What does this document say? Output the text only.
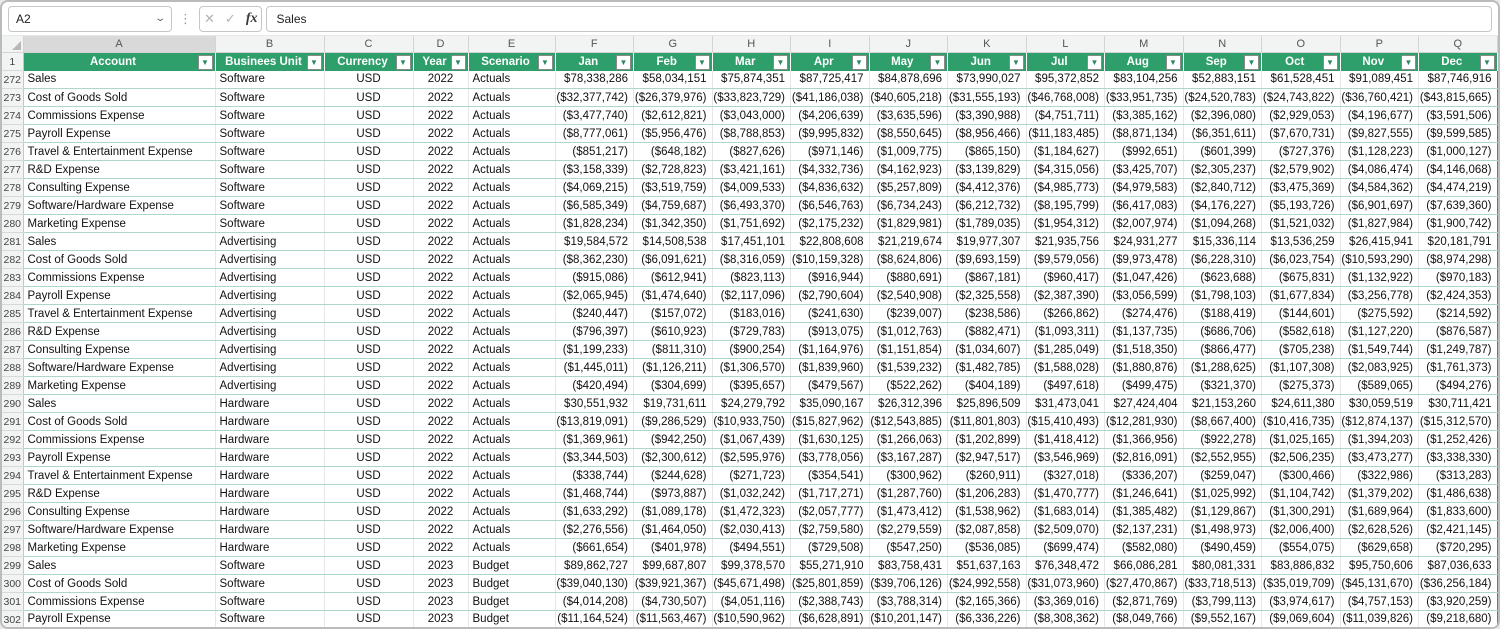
A2	⌄ ⋮ ✕ ✓ fx	Sales
	A	B	C	D	E	F	G	H	I	J	K	L	M	N	O	P	Q
1	Account ▼	Businees Unit ▼	Currency ▼	Year ▼	Scenario ▼	Jan ▼	Feb ▼	Mar ▼	Apr ▼	May ▼	Jun ▼	Jul ▼	Aug ▼	Sep ▼	Oct ▼	Nov ▼	Dec ▼

272	Sales	Software	USD	2022	Actuals	$78,338,286	$58,034,151	$75,874,351	$87,725,417	$84,878,696	$73,990,027	$95,372,852	$83,104,256	$52,883,151	$61,528,451	$91,089,451	$87,746,916
273	Cost of Goods Sold	Software	USD	2022	Actuals	($32,377,742)	($26,379,976)	($33,823,729)	($41,186,038)	($40,605,218)	($31,555,193)	($46,768,008)	($33,951,735)	($24,520,783)	($24,743,822)	($36,760,421)	($43,815,665)
274	Commissions Expense	Software	USD	2022	Actuals	($3,477,740)	($2,612,821)	($3,043,000)	($4,206,639)	($3,635,596)	($3,390,988)	($4,751,711)	($3,385,162)	($2,396,080)	($2,929,053)	($4,196,677)	($3,591,506)
275	Payroll Expense	Software	USD	2022	Actuals	($8,777,061)	($5,956,476)	($8,788,853)	($9,995,832)	($8,550,645)	($8,956,466)	($11,183,485)	($8,871,134)	($6,351,611)	($7,670,731)	($9,827,555)	($9,599,585)
276	Travel & Entertainment Expense	Software	USD	2022	Actuals	($851,217)	($648,182)	($827,626)	($971,146)	($1,009,775)	($865,150)	($1,184,627)	($992,651)	($601,399)	($727,376)	($1,128,223)	($1,000,127)
277	R&D Expense	Software	USD	2022	Actuals	($3,158,339)	($2,728,823)	($3,421,161)	($4,332,736)	($4,162,923)	($3,139,829)	($4,315,056)	($3,425,707)	($2,305,237)	($2,579,902)	($4,086,474)	($4,146,068)
278	Consulting Expense	Software	USD	2022	Actuals	($4,069,215)	($3,519,759)	($4,009,533)	($4,836,632)	($5,257,809)	($4,412,376)	($4,985,773)	($4,979,583)	($2,840,712)	($3,475,369)	($4,584,362)	($4,474,219)
279	Software/Hardware Expense	Software	USD	2022	Actuals	($6,585,349)	($4,759,687)	($6,493,370)	($6,546,763)	($6,734,243)	($6,212,732)	($8,195,799)	($6,417,083)	($4,176,227)	($5,193,726)	($6,901,697)	($7,639,360)
280	Marketing Expense	Software	USD	2022	Actuals	($1,828,234)	($1,342,350)	($1,751,692)	($2,175,232)	($1,829,981)	($1,789,035)	($1,954,312)	($2,007,974)	($1,094,268)	($1,521,032)	($1,827,984)	($1,900,742)
281	Sales	Advertising	USD	2022	Actuals	$19,584,572	$14,508,538	$17,451,101	$22,808,608	$21,219,674	$19,977,307	$21,935,756	$24,931,277	$15,336,114	$13,536,259	$26,415,941	$20,181,791
282	Cost of Goods Sold	Advertising	USD	2022	Actuals	($8,362,230)	($6,091,621)	($8,316,059)	($10,159,328)	($8,624,806)	($9,693,159)	($9,579,056)	($9,973,478)	($6,228,310)	($6,023,754)	($10,593,290)	($8,974,298)
283	Commissions Expense	Advertising	USD	2022	Actuals	($915,086)	($612,941)	($823,113)	($916,944)	($880,691)	($867,181)	($960,417)	($1,047,426)	($623,688)	($675,831)	($1,132,922)	($970,183)
284	Payroll Expense	Advertising	USD	2022	Actuals	($2,065,945)	($1,474,640)	($2,117,096)	($2,790,604)	($2,540,908)	($2,325,558)	($2,387,390)	($3,056,599)	($1,798,103)	($1,677,834)	($3,256,778)	($2,424,353)
285	Travel & Entertainment Expense	Advertising	USD	2022	Actuals	($240,447)	($157,072)	($183,016)	($241,630)	($239,007)	($238,586)	($266,862)	($274,476)	($188,419)	($144,601)	($275,592)	($214,592)
286	R&D Expense	Advertising	USD	2022	Actuals	($796,397)	($610,923)	($729,783)	($913,075)	($1,012,763)	($882,471)	($1,093,311)	($1,137,735)	($686,706)	($582,618)	($1,127,220)	($876,587)
287	Consulting Expense	Advertising	USD	2022	Actuals	($1,199,233)	($811,310)	($900,254)	($1,164,976)	($1,151,854)	($1,034,607)	($1,285,049)	($1,518,350)	($866,477)	($705,238)	($1,549,744)	($1,249,787)
288	Software/Hardware Expense	Advertising	USD	2022	Actuals	($1,445,011)	($1,126,211)	($1,306,570)	($1,839,960)	($1,539,232)	($1,482,785)	($1,588,028)	($1,880,876)	($1,288,625)	($1,107,308)	($2,083,925)	($1,761,373)
289	Marketing Expense	Advertising	USD	2022	Actuals	($420,494)	($304,699)	($395,657)	($479,567)	($522,262)	($404,189)	($497,618)	($499,475)	($321,370)	($275,373)	($589,065)	($494,276)
290	Sales	Hardware	USD	2022	Actuals	$30,551,932	$19,731,611	$24,279,792	$35,090,167	$26,312,396	$25,896,509	$31,473,041	$27,424,404	$21,153,260	$24,611,380	$30,059,519	$30,711,421
291	Cost of Goods Sold	Hardware	USD	2022	Actuals	($13,819,091)	($9,286,529)	($10,933,750)	($15,827,962)	($12,543,885)	($11,801,803)	($15,410,493)	($12,281,930)	($8,667,400)	($10,416,735)	($12,874,137)	($15,312,570)
292	Commissions Expense	Hardware	USD	2022	Actuals	($1,369,961)	($942,250)	($1,067,439)	($1,630,125)	($1,266,063)	($1,202,899)	($1,418,412)	($1,366,956)	($922,278)	($1,025,165)	($1,394,203)	($1,252,426)
293	Payroll Expense	Hardware	USD	2022	Actuals	($3,344,503)	($2,300,612)	($2,595,976)	($3,778,056)	($3,167,287)	($2,947,517)	($3,546,969)	($2,816,091)	($2,552,955)	($2,506,235)	($3,473,277)	($3,338,330)
294	Travel & Entertainment Expense	Hardware	USD	2022	Actuals	($338,744)	($244,628)	($271,723)	($354,541)	($300,962)	($260,911)	($327,018)	($336,207)	($259,047)	($300,466)	($322,986)	($313,283)
295	R&D Expense	Hardware	USD	2022	Actuals	($1,468,744)	($973,887)	($1,032,242)	($1,717,271)	($1,287,760)	($1,206,283)	($1,470,777)	($1,246,641)	($1,025,992)	($1,104,742)	($1,379,202)	($1,486,638)
296	Consulting Expense	Hardware	USD	2022	Actuals	($1,633,292)	($1,089,178)	($1,472,323)	($2,057,777)	($1,473,412)	($1,538,962)	($1,683,014)	($1,385,482)	($1,129,867)	($1,300,291)	($1,689,964)	($1,833,600)
297	Software/Hardware Expense	Hardware	USD	2022	Actuals	($2,276,556)	($1,464,050)	($2,030,413)	($2,759,580)	($2,279,559)	($2,087,858)	($2,509,070)	($2,137,231)	($1,498,973)	($2,006,400)	($2,628,526)	($2,421,145)
298	Marketing Expense	Hardware	USD	2022	Actuals	($661,654)	($401,978)	($494,551)	($729,508)	($547,250)	($536,085)	($699,474)	($582,080)	($490,459)	($554,075)	($629,658)	($720,295)
299	Sales	Software	USD	2023	Budget	$89,862,727	$99,687,807	$99,378,570	$55,271,910	$83,758,431	$51,637,163	$76,348,472	$66,086,281	$80,081,331	$83,886,832	$95,750,606	$87,036,633
300	Cost of Goods Sold	Software	USD	2023	Budget	($39,040,130)	($39,921,367)	($45,671,498)	($25,801,859)	($39,706,126)	($24,992,558)	($31,073,960)	($27,470,867)	($33,718,513)	($35,019,709)	($45,131,670)	($36,256,184)
301	Commissions Expense	Software	USD	2023	Budget	($4,014,208)	($4,730,507)	($4,051,116)	($2,388,743)	($3,788,314)	($2,165,366)	($3,369,016)	($2,871,769)	($3,799,113)	($3,974,617)	($4,757,153)	($3,920,259)
302	Payroll Expense	Software	USD	2023	Budget	($11,164,524)	($11,563,467)	($10,590,962)	($6,628,891)	($10,201,147)	($6,336,226)	($8,308,362)	($8,049,766)	($9,552,167)	($9,069,604)	($11,039,826)	($9,218,680)
